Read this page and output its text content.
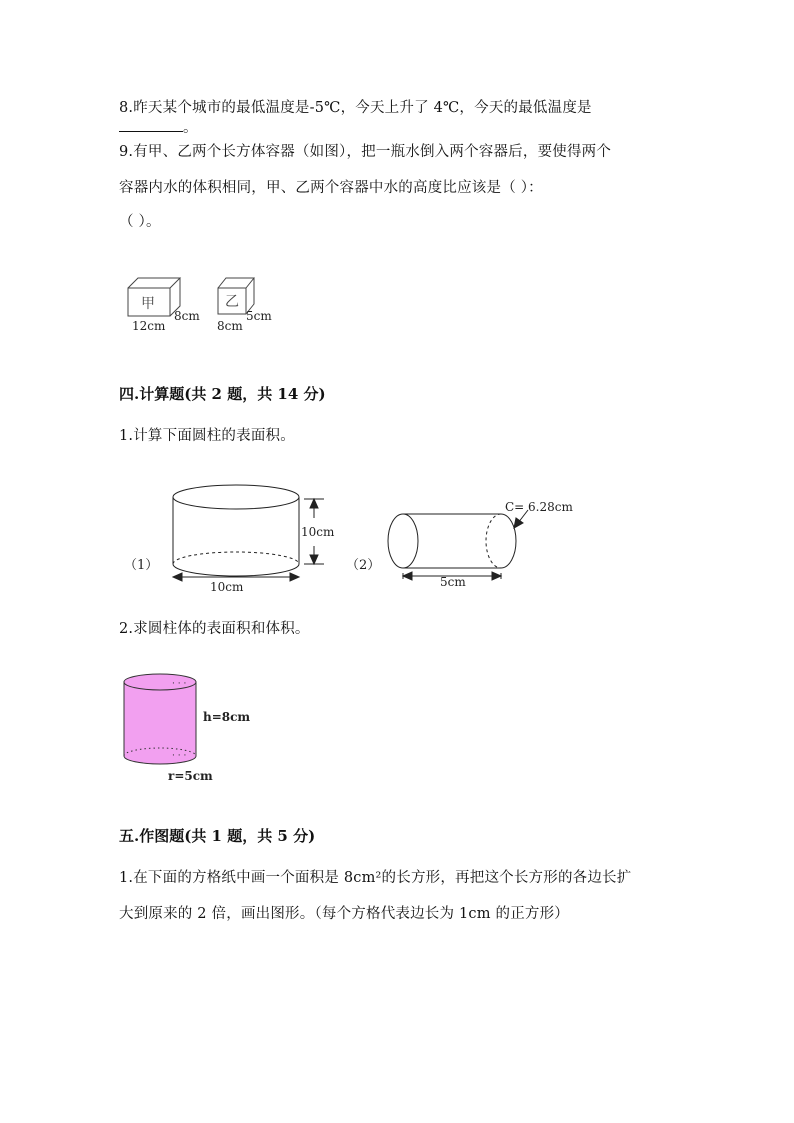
8.昨天某个城市的最低温度是-5℃，今天上升了 4℃，今天的最低温度是
。
9.有甲、乙两个长方体容器（如图），把一瓶水倒入两个容器后，要使得两个
容器内水的体积相同，甲、乙两个容器中水的高度比应该是（ ）：
（ ）。
甲
8cm
12cm
乙
5cm
8cm
四.计算题(共 2 题，共 14 分)
1.计算下面圆柱的表面积。
（1）
10cm
10cm
（2）
C= 6.28cm
5cm
2.求圆柱体的表面积和体积。
· · ·
· · ·
h=8cm
r=5cm
五.作图题(共 1 题，共 5 分)
1.在下面的方格纸中画一个面积是 8cm²的长方形，再把这个长方形的各边长扩
大到原来的 2 倍，画出图形。（每个方格代表边长为 1cm 的正方形）
